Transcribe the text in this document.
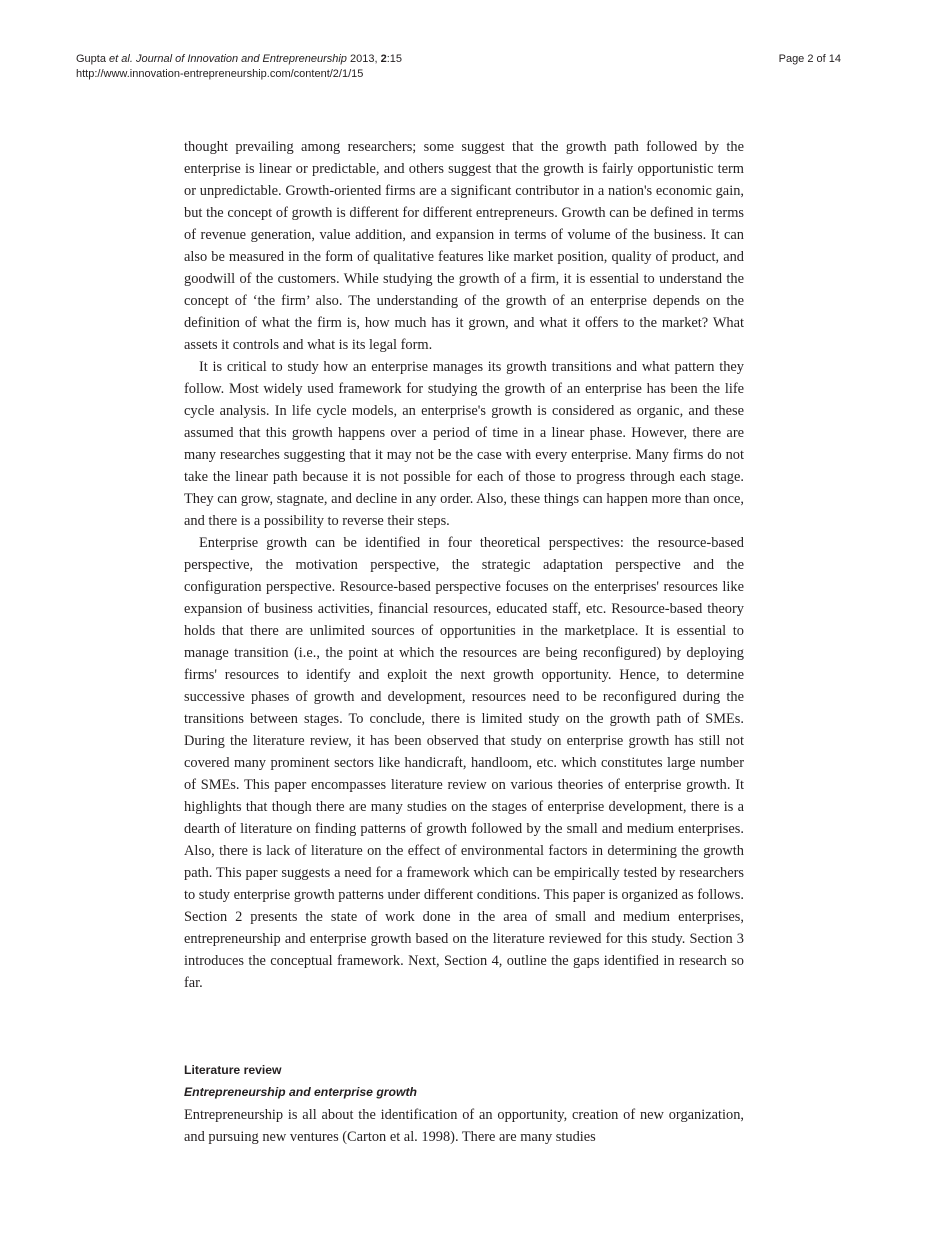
Gupta et al. Journal of Innovation and Entrepreneurship 2013, 2:15	Page 2 of 14
http://www.innovation-entrepreneurship.com/content/2/1/15

thought prevailing among researchers; some suggest that the growth path followed by the enterprise is linear or predictable, and others suggest that the growth is fairly opportunistic term or unpredictable. Growth-oriented firms are a significant contributor in a nation's economic gain, but the concept of growth is different for different entrepreneurs. Growth can be defined in terms of revenue generation, value addition, and expansion in terms of volume of the business. It can also be measured in the form of qualitative features like market position, quality of product, and goodwill of the customers. While studying the growth of a firm, it is essential to understand the concept of ‘the firm’ also. The understanding of the growth of an enterprise depends on the definition of what the firm is, how much has it grown, and what it offers to the market? What assets it controls and what is its legal form.

It is critical to study how an enterprise manages its growth transitions and what pattern they follow. Most widely used framework for studying the growth of an enterprise has been the life cycle analysis. In life cycle models, an enterprise's growth is considered as organic, and these assumed that this growth happens over a period of time in a linear phase. However, there are many researches suggesting that it may not be the case with every enterprise. Many firms do not take the linear path because it is not possible for each of those to progress through each stage. They can grow, stagnate, and decline in any order. Also, these things can happen more than once, and there is a possibility to reverse their steps.

Enterprise growth can be identified in four theoretical perspectives: the resource-based perspective, the motivation perspective, the strategic adaptation perspective and the configuration perspective. Resource-based perspective focuses on the enterprises' resources like expansion of business activities, financial resources, educated staff, etc. Resource-based theory holds that there are unlimited sources of opportunities in the marketplace. It is essential to manage transition (i.e., the point at which the resources are being reconfigured) by deploying firms' resources to identify and exploit the next growth opportunity. Hence, to determine successive phases of growth and development, resources need to be reconfigured during the transitions between stages. To conclude, there is limited study on the growth path of SMEs. During the literature review, it has been observed that study on enterprise growth has still not covered many prominent sectors like handicraft, handloom, etc. which constitutes large number of SMEs. This paper encompasses literature review on various theories of enterprise growth. It highlights that though there are many studies on the stages of enterprise development, there is a dearth of literature on finding patterns of growth followed by the small and medium enterprises. Also, there is lack of literature on the effect of environmental factors in determining the growth path. This paper suggests a need for a framework which can be empirically tested by researchers to study enterprise growth patterns under different conditions. This paper is organized as follows. Section 2 presents the state of work done in the area of small and medium enterprises, entrepreneurship and enterprise growth based on the literature reviewed for this study. Section 3 introduces the conceptual framework. Next, Section 4, outline the gaps identified in research so far.

Literature review
Entrepreneurship and enterprise growth

Entrepreneurship is all about the identification of an opportunity, creation of new organization, and pursuing new ventures (Carton et al. 1998). There are many studies
